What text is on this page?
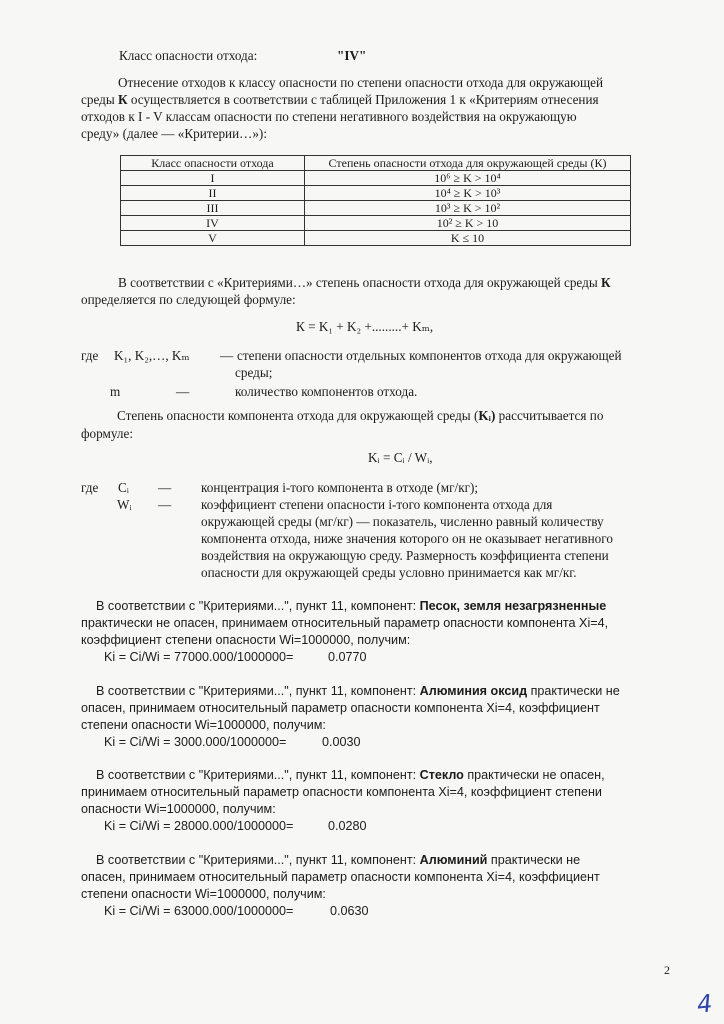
Класс опасности отхода:	"IV"
Отнесение отходов к классу опасности по степени опасности отхода для окружающей
среды К осуществляется в соответствии с таблицей Приложения 1 к «Критериям отнесения
отходов к I - V классам опасности по степени негативного воздействия на окружающую
среду» (далее — «Критерии…»):
Класс опасности отхода	Степень опасности отхода для окружающей среды (К)
I	10⁶ ≥ K > 10⁴
II	10⁴ ≥ K > 10³
III	10³ ≥ K > 10²
IV	10² ≥ K > 10
V	K ≤ 10
В соответствии с «Критериями…» степень опасности отхода для окружающей среды К
определяется по следующей формуле:
К = K₁ + K₂ +.........+ Kₘ,
где K₁, K₂,…, Kₘ — степени опасности отдельных компонентов отхода для окружающей
среды;
m	—	количество компонентов отхода.
Степень опасности компонента отхода для окружающей среды (Kᵢ) рассчитывается по
формуле:
Kᵢ = Cᵢ / Wᵢ,
где Cᵢ — концентрация i-того компонента в отходе (мг/кг);
Wᵢ — коэффициент степени опасности i-того компонента отхода для
окружающей среды (мг/кг) — показатель, численно равный количеству
компонента отхода, ниже значения которого он не оказывает негативного
воздействия на окружающую среду. Размерность коэффициента степени
опасности для окружающей среды условно принимается как мг/кг.
В соответствии с "Критериями...", пункт 11, компонент: Песок, земля незагрязненные
практически не опасен, принимаем относительный параметр опасности компонента Xi=4,
коэффициент степени опасности Wi=1000000, получим:
Ki = Ci/Wi = 77000.000/1000000=	0.0770
В соответствии с "Критериями...", пункт 11, компонент: Алюминия оксид практически не
опасен, принимаем относительный параметр опасности компонента Xi=4, коэффициент
степени опасности Wi=1000000, получим:
Ki = Ci/Wi = 3000.000/1000000=	0.0030
В соответствии с "Критериями...", пункт 11, компонент: Стекло практически не опасен,
принимаем относительный параметр опасности компонента Xi=4, коэффициент степени
опасности Wi=1000000, получим:
Ki = Ci/Wi = 28000.000/1000000=	0.0280
В соответствии с "Критериями...", пункт 11, компонент: Алюминий практически не
опасен, принимаем относительный параметр опасности компонента Xi=4, коэффициент
степени опасности Wi=1000000, получим:
Ki = Ci/Wi = 63000.000/1000000=	0.0630
2
4
